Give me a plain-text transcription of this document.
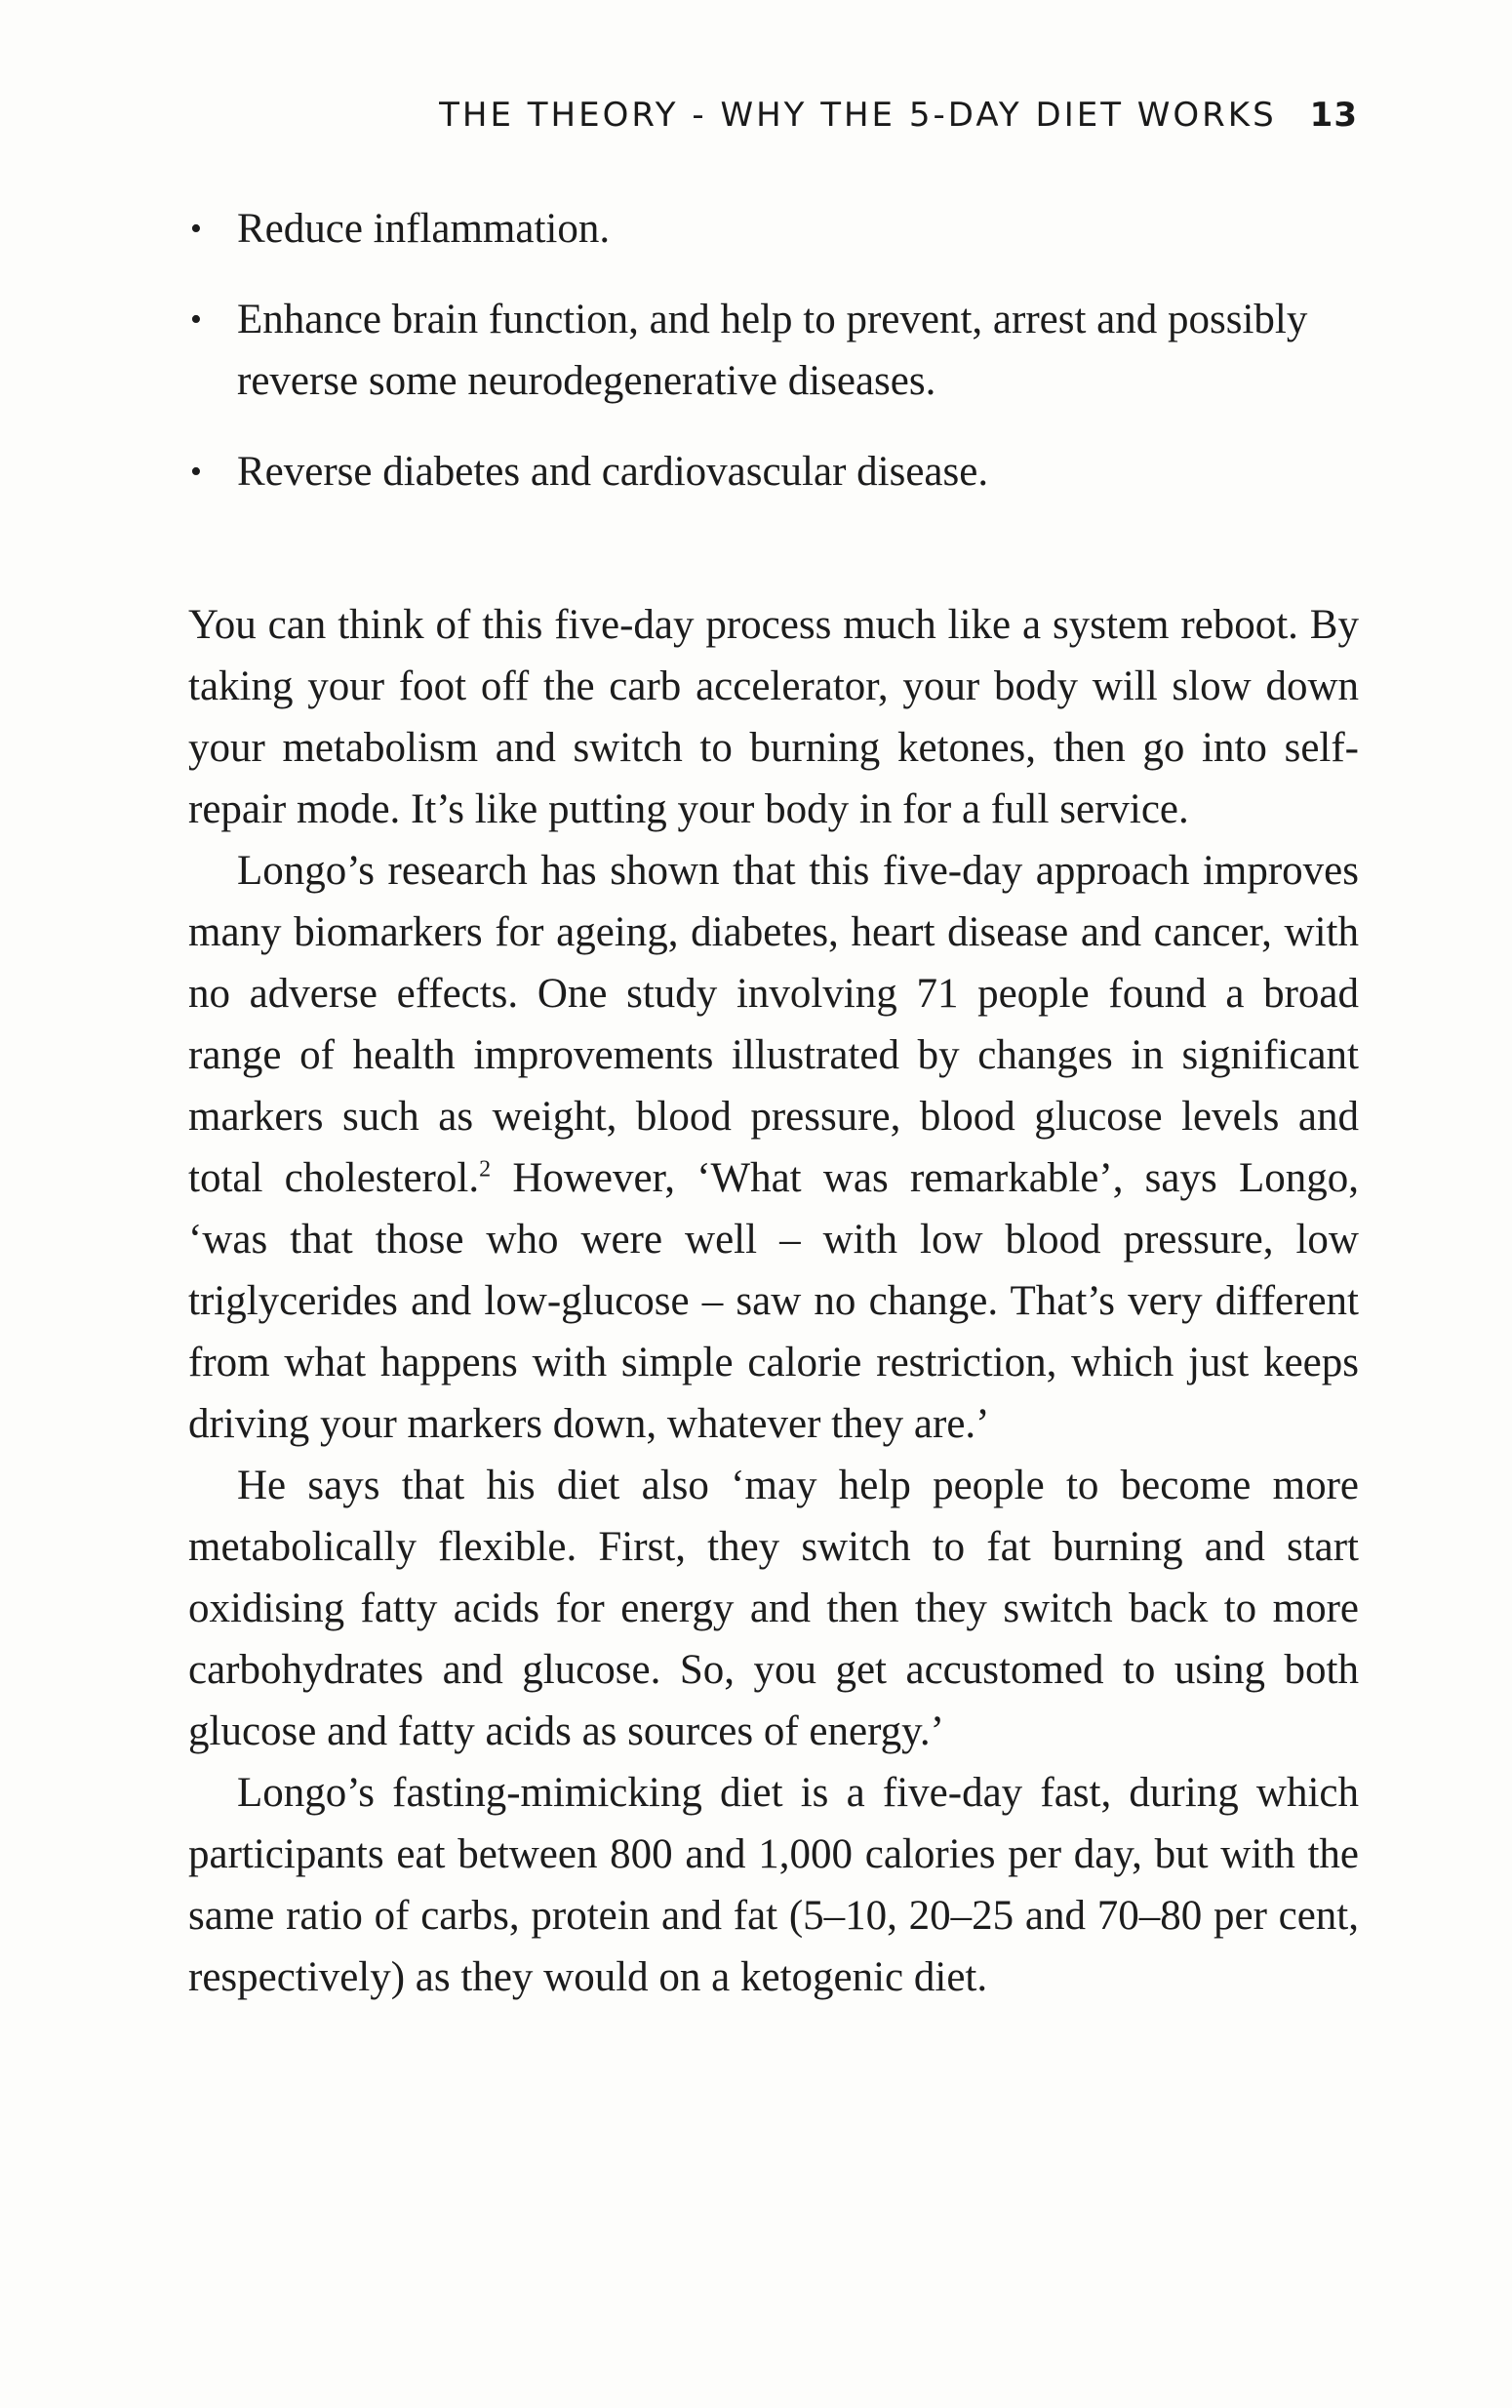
THE THEORY - WHY THE 5-DAY DIET WORKS 13
• Reduce inflammation.
• Enhance brain function, and help to prevent, arrest and possibly reverse some neurodegenerative diseases.
• Reverse diabetes and cardiovascular disease.

You can think of this five-day process much like a system reboot. By taking your foot off the carb accelerator, your body will slow down your metabolism and switch to burning ketones, then go into self-repair mode. It’s like putting your body in for a full service.

Longo’s research has shown that this five-day approach improves many biomarkers for ageing, diabetes, heart disease and cancer, with no adverse effects. One study involving 71 people found a broad range of health improvements illustrated by changes in significant markers such as weight, blood pressure, blood glucose levels and total cholesterol.$^2$ However, ‘What was remarkable’, says Longo, ‘was that those who were well – with low blood pressure, low triglycerides and low-glucose – saw no change. That’s very different from what happens with simple calorie restriction, which just keeps driving your markers down, whatever they are.’

He says that his diet also ‘may help people to become more metabolically flexible. First, they switch to fat burning and start oxidising fatty acids for energy and then they switch back to more carbohydrates and glucose. So, you get accustomed to using both glucose and fatty acids as sources of energy.’

Longo’s fasting-mimicking diet is a five-day fast, during which participants eat between 800 and 1,000 calories per day, but with the same ratio of carbs, protein and fat (5–10, 20–25 and 70–80 per cent, respectively) as they would on a ketogenic diet.
